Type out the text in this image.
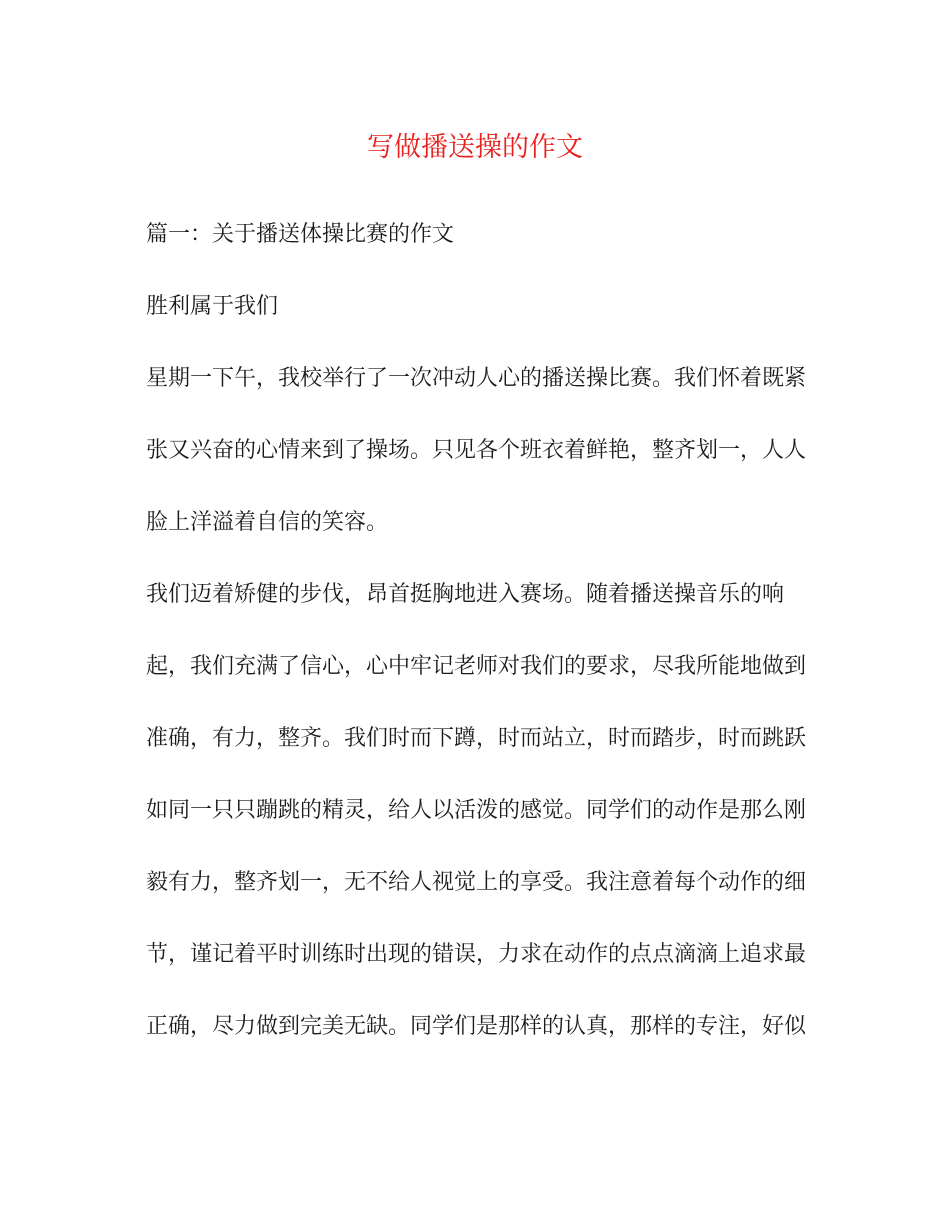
写做播送操的作文

篇一：关于播送体操比赛的作文

胜利属于我们

星期一下午，我校举行了一次冲动人心的播送操比赛。我们怀着既紧

张又兴奋的心情来到了操场。只见各个班衣着鲜艳，整齐划一，人人

脸上洋溢着自信的笑容。

我们迈着矫健的步伐，昂首挺胸地进入赛场。随着播送操音乐的响

起，我们充满了信心，心中牢记老师对我们的要求，尽我所能地做到

准确，有力，整齐。我们时而下蹲，时而站立，时而踏步，时而跳跃

如同一只只蹦跳的精灵，给人以活泼的感觉。同学们的动作是那么刚

毅有力，整齐划一，无不给人视觉上的享受。我注意着每个动作的细

节，谨记着平时训练时出现的错误，力求在动作的点点滴滴上追求最

正确，尽力做到完美无缺。同学们是那样的认真，那样的专注，好似
